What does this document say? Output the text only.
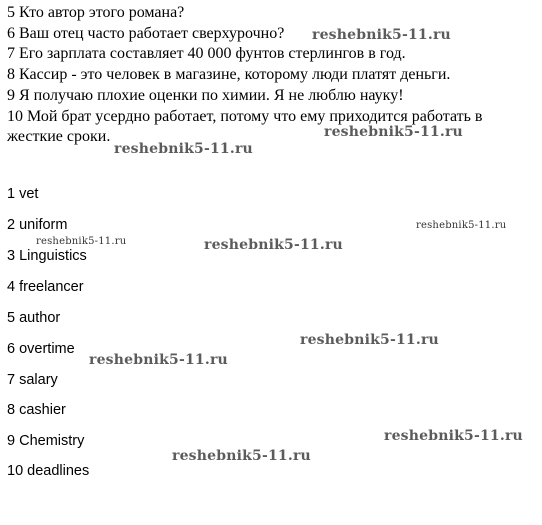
5 Кто автор этого романа?

6 Ваш отец часто работает сверхурочно?

7 Его зарплата составляет 40 000 фунтов стерлингов в год.

8 Кассир - это человек в магазине, которому люди платят деньги.

9 Я получаю плохие оценки по химии. Я не люблю науку!

10 Мой брат усердно работает, потому что ему приходится работать в жесткие сроки.

1 vet
2 uniform
3 Linguistics
4 freelancer
5 author
6 overtime
7 salary
8 cashier
9 Chemistry
10 deadlines
reshebnik5-11.ru
reshebnik5-11.ru
reshebnik5-11.ru
reshebnik5-11.ru
reshebnik5-11.ru	reshebnik5-11.ru
reshebnik5-11.ru
reshebnik5-11.ru
reshebnik5-11.ru
reshebnik5-11.ru
